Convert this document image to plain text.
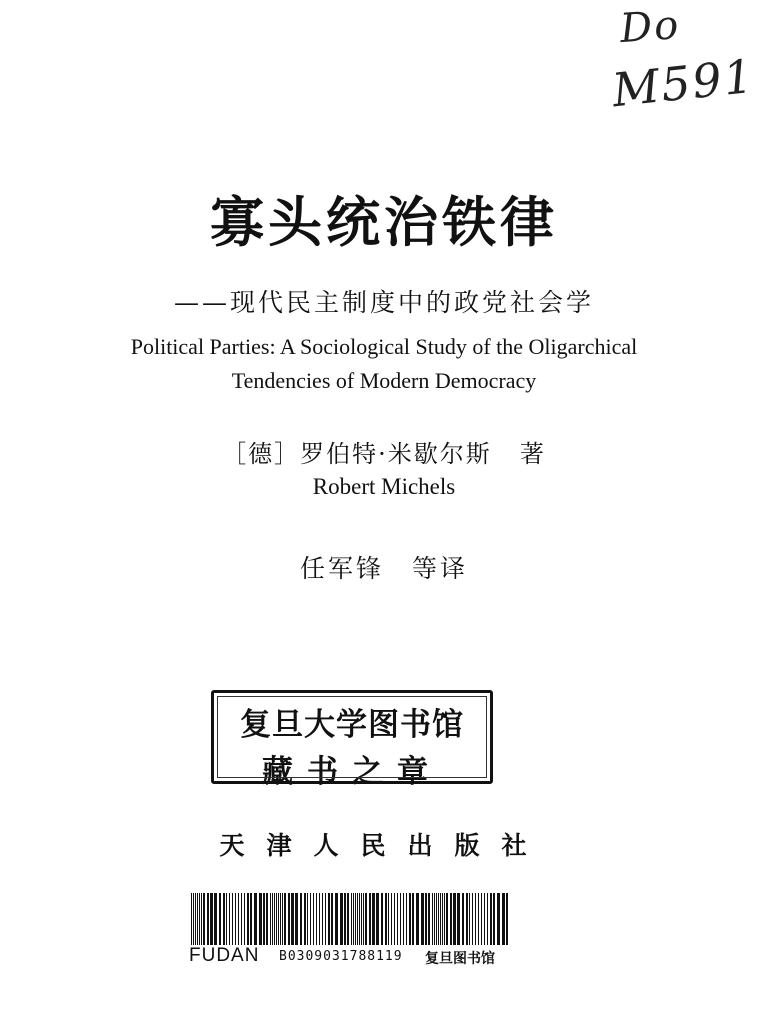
Do
M591
寡头统治铁律
——现代民主制度中的政党社会学
Political Parties: A Sociological Study of the Oligarchical
Tendencies of Modern Democracy
［德］罗伯特·米歇尔斯 著
Robert Michels
任军锋 等译
复旦大学图书馆
藏书之章
天津人民出版社
FUDAN B0309031788119 复旦图书馆
